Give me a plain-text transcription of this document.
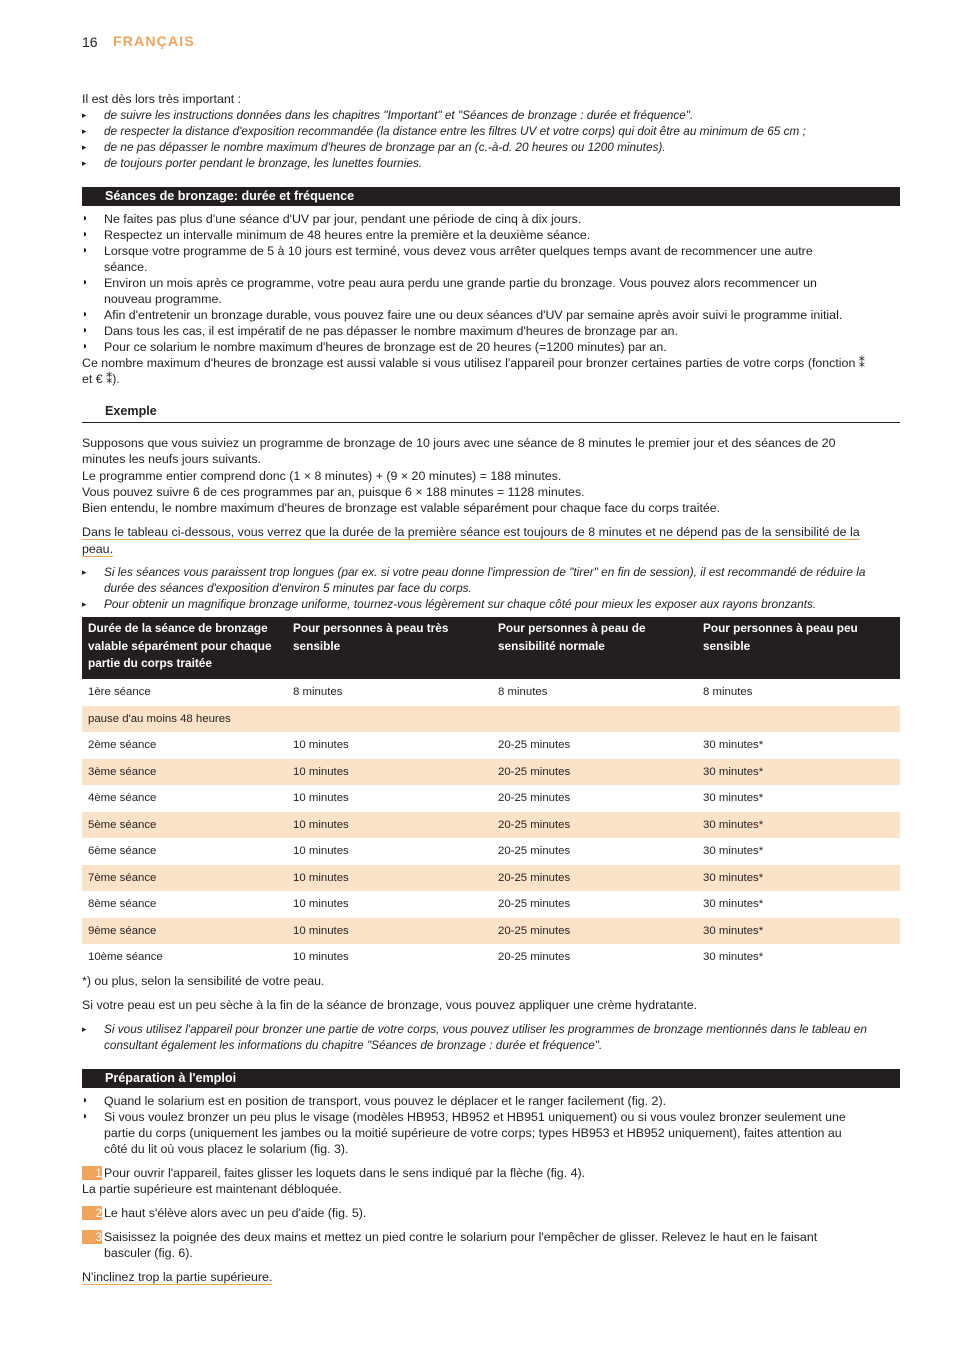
16 FRANÇAIS
Il est dès lors très important :
▸ de suivre les instructions données dans les chapitres "Important" et "Séances de bronzage : durée et fréquence".
▸ de respecter la distance d'exposition recommandée (la distance entre les filtres UV et votre corps) qui doit être au minimum de 65 cm ;
▸ de ne pas dépasser le nombre maximum d'heures de bronzage par an (c.-à-d. 20 heures ou 1200 minutes).
▸ de toujours porter pendant le bronzage, les lunettes fournies.
Séances de bronzage: durée et fréquence
◗ Ne faites pas plus d'une séance d'UV par jour, pendant une période de cinq à dix jours.
◗ Respectez un intervalle minimum de 48 heures entre la première et la deuxième séance.
◗ Lorsque votre programme de 5 à 10 jours est terminé, vous devez vous arrêter quelques temps avant de recommencer une autre
séance.
◗ Environ un mois après ce programme, votre peau aura perdu une grande partie du bronzage. Vous pouvez alors recommencer un
nouveau programme.
◗ Afin d'entretenir un bronzage durable, vous pouvez faire une ou deux séances d'UV par semaine après avoir suivi le programme initial.
◗ Dans tous les cas, il est impératif de ne pas dépasser le nombre maximum d'heures de bronzage par an.
◗ Pour ce solarium le nombre maximum d'heures de bronzage est de 20 heures (=1200 minutes) par an.
Ce nombre maximum d'heures de bronzage est aussi valable si vous utilisez l'appareil pour bronzer certaines parties de votre corps (fonction ⁑
et € ⁑).
Exemple
Supposons que vous suiviez un programme de bronzage de 10 jours avec une séance de 8 minutes le premier jour et des séances de 20
minutes les neufs jours suivants.
Le programme entier comprend donc (1 × 8 minutes) + (9 × 20 minutes) = 188 minutes.
Vous pouvez suivre 6 de ces programmes par an, puisque 6 × 188 minutes = 1128 minutes.
Bien entendu, le nombre maximum d'heures de bronzage est valable séparément pour chaque face du corps traitée.
Dans le tableau ci-dessous, vous verrez que la durée de la première séance est toujours de 8 minutes et ne dépend pas de la sensibilité de la
peau.
▸ Si les séances vous paraissent trop longues (par ex. si votre peau donne l'impression de "tirer" en fin de session), il est recommandé de réduire la
durée des séances d'exposition d'environ 5 minutes par face du corps.
▸ Pour obtenir un magnifique bronzage uniforme, tournez-vous légèrement sur chaque côté pour mieux les exposer aux rayons bronzants.
Durée de la séance de bronzage valable séparément pour chaque partie du corps traitée	Pour personnes à peau très sensible	Pour personnes à peau de sensibilité normale	Pour personnes à peau peu sensible
1ère séance	8 minutes	8 minutes	8 minutes
pause d'au moins 48 heures			
2ème séance	10 minutes	20-25 minutes	30 minutes*
3ème séance	10 minutes	20-25 minutes	30 minutes*
4ème séance	10 minutes	20-25 minutes	30 minutes*
5ème séance	10 minutes	20-25 minutes	30 minutes*
6ème séance	10 minutes	20-25 minutes	30 minutes*
7ème séance	10 minutes	20-25 minutes	30 minutes*
8ème séance	10 minutes	20-25 minutes	30 minutes*
9ème séance	10 minutes	20-25 minutes	30 minutes*
10ème séance	10 minutes	20-25 minutes	30 minutes*
*) ou plus, selon la sensibilité de votre peau.
Si votre peau est un peu sèche à la fin de la séance de bronzage, vous pouvez appliquer une crème hydratante.
▸ Si vous utilisez l'appareil pour bronzer une partie de votre corps, vous pouvez utiliser les programmes de bronzage mentionnés dans le tableau en
consultant également les informations du chapitre "Séances de bronzage : durée et fréquence".
Préparation à l'emploi
◗ Quand le solarium est en position de transport, vous pouvez le déplacer et le ranger facilement (fig. 2).
◗ Si vous voulez bronzer un peu plus le visage (modèles HB953, HB952 et HB951 uniquement) ou si vous voulez bronzer seulement une
partie du corps (uniquement les jambes ou la moitié supérieure de votre corps; types HB953 et HB952 uniquement), faites attention au
côté du lit où vous placez le solarium (fig. 3).
1 Pour ouvrir l'appareil, faites glisser les loquets dans le sens indiqué par la flèche (fig. 4).
La partie supérieure est maintenant débloquée.
2 Le haut s'élève alors avec un peu d'aide (fig. 5).
3 Saisissez la poignée des deux mains et mettez un pied contre le solarium pour l'empêcher de glisser. Relevez le haut en le faisant
basculer (fig. 6).
N'inclinez trop la partie supérieure.
